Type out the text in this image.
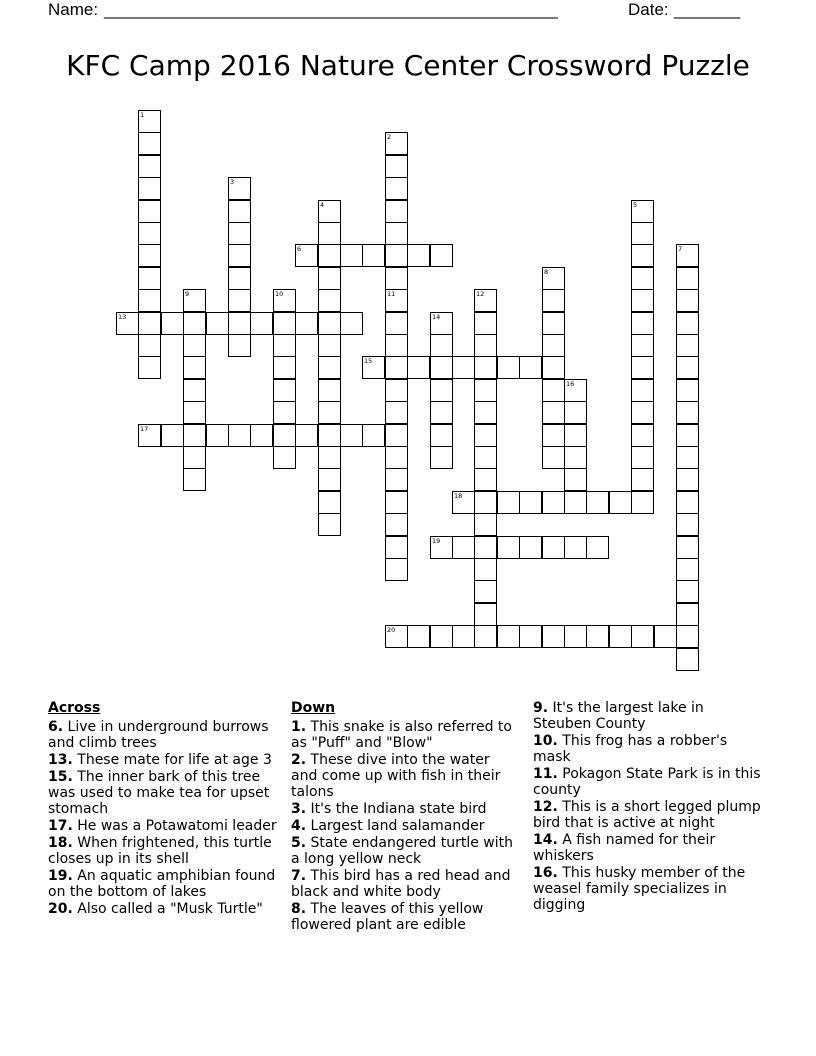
Name: ________________________________________________	Date: _______
KFC Camp 2016 Nature Center Crossword Puzzle
6
13
15
17
18
19
20
1
2
11
3
4	5
7
8
9	10	12
14
16
Across
6. Live in underground burrows and climb trees
13. These mate for life at age 3
15. The inner bark of this tree was used to make tea for upset stomach
17. He was a Potawatomi leader
18. When frightened, this turtle closes up in its shell
19. An aquatic amphibian found on the bottom of lakes
20. Also called a "Musk Turtle"
Down
1. This snake is also referred to as "Puff" and "Blow"
2. These dive into the water and come up with fish in their talons
3. It's the Indiana state bird
4. Largest land salamander
5. State endangered turtle with a long yellow neck
7. This bird has a red head and black and white body
8. The leaves of this yellow flowered plant are edible
9. It's the largest lake in Steuben County
10. This frog has a robber's mask
11. Pokagon State Park is in this county
12. This is a short legged plump bird that is active at night
14. A fish named for their whiskers
16. This husky member of the weasel family specializes in digging
